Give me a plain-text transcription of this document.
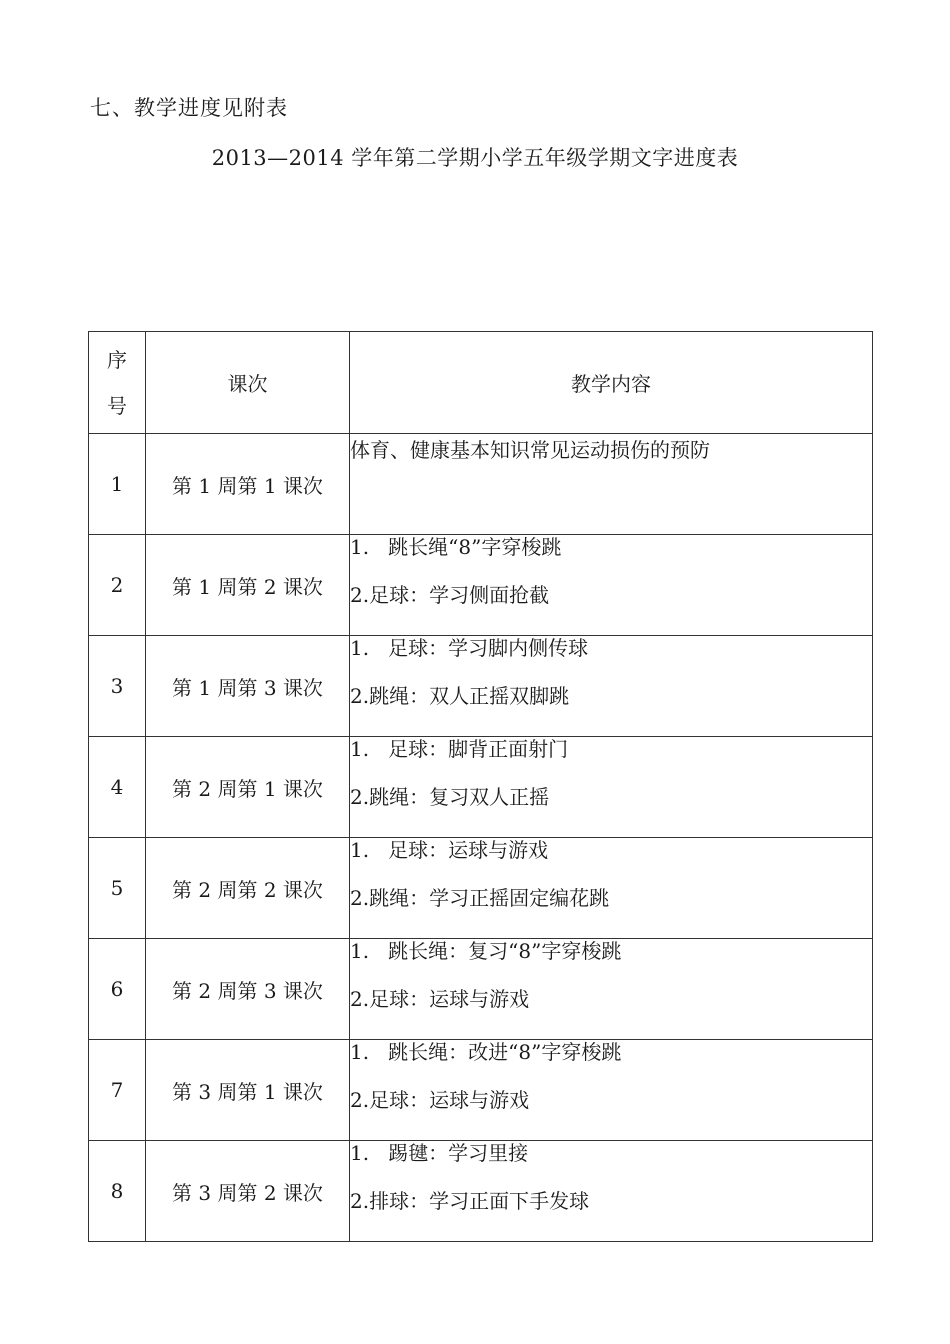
七、教学进度见附表
2013—2014 学年第二学期小学五年级学期文字进度表
序
号	课次	教学内容
1	第 1 周第 1 课次	体育、健康基本知识常见运动损伤的预防

2	第 1 周第 2 课次	1.   跳长绳“8”字穿梭跳
2.足球：学习侧面抢截

3	第 1 周第 3 课次	1.   足球：学习脚内侧传球
2.跳绳：双人正摇双脚跳

4	第 2 周第 1 课次	1.   足球：脚背正面射门
2.跳绳：复习双人正摇

5	第 2 周第 2 课次	1.   足球：运球与游戏
2.跳绳：学习正摇固定编花跳

6	第 2 周第 3 课次	1.   跳长绳：复习“8”字穿梭跳
2.足球：运球与游戏

7	第 3 周第 1 课次	1.   跳长绳：改进“8”字穿梭跳
2.足球：运球与游戏

8	第 3 周第 2 课次	1.   踢毽：学习里接
2.排球：学习正面下手发球
